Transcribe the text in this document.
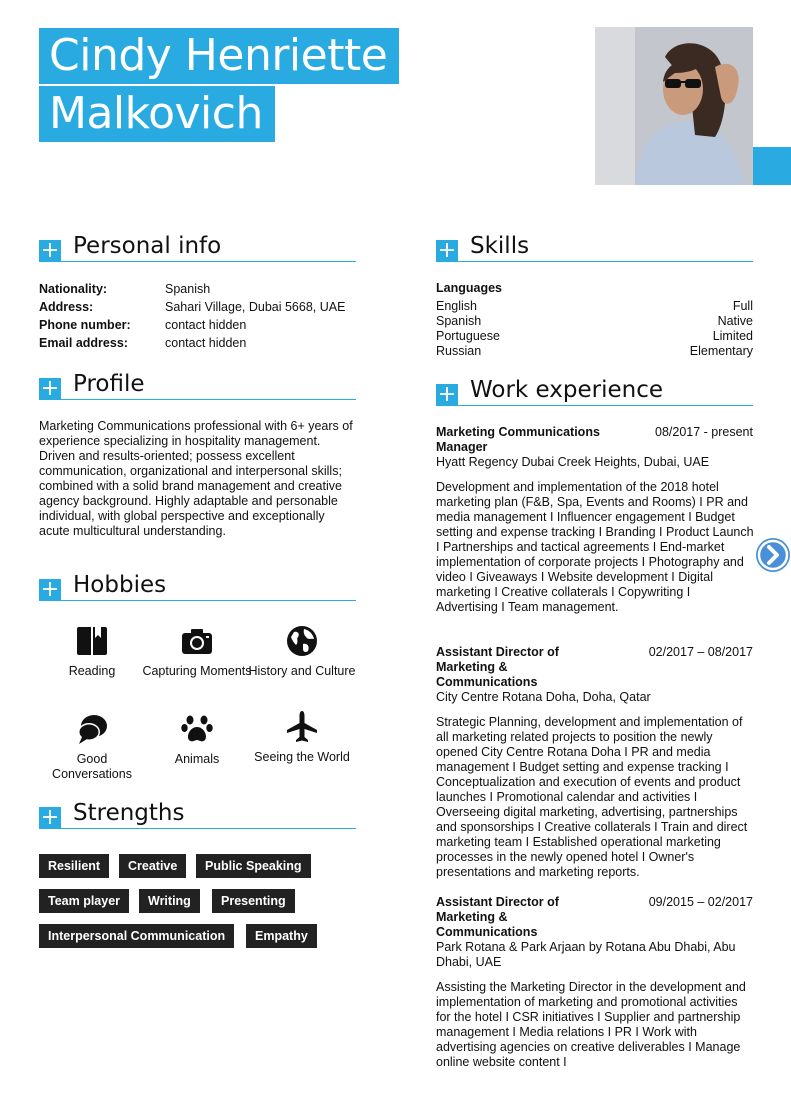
Cindy Henriette
Malkovich
+ Personal info
Nationality:	Spanish
Address:	Sahari Village, Dubai 5668, UAE
Phone number:	contact hidden
Email address:	contact hidden
+ Profile
Marketing Communications professional with 6+ years of experience specializing in hospitality management. Driven and results-oriented; possess excellent communication, organizational and interpersonal skills; combined with a solid brand management and creative agency background. Highly adaptable and personable individual, with global perspective and exceptionally acute multicultural understanding.
+ Hobbies
Reading	Capturing Moments
History and Culture
Good Conversations
Animals	Seeing the World
+ Strengths
Resilient	Creative	Public Speaking
Team player	Writing	Presenting
Interpersonal Communication	Empathy
+ Skills
Languages
English	Full
Spanish	Native
Portuguese	Limited
Russian	Elementary
+ Work experience
Marketing Communications Manager
08/2017 - present
Hyatt Regency Dubai Creek Heights, Dubai, UAE
Development and implementation of the 2018 hotel marketing plan (F&B, Spa, Events and Rooms) I PR and media management I Influencer engagement I Budget setting and expense tracking I Branding I Product Launch I Partnerships and tactical agreements I End-market implementation of corporate projects I Photography and video I Giveaways I Website development I Digital marketing I Creative collaterals I Copywriting I Advertising I Team management.
Assistant Director of Marketing & Communications
02/2017 – 08/2017
City Centre Rotana Doha, Doha, Qatar
Strategic Planning, development and implementation of all marketing related projects to position the newly opened City Centre Rotana Doha I PR and media management I Budget setting and expense tracking I Conceptualization and execution of events and product launches I Promotional calendar and activities I Overseeing digital marketing, advertising, partnerships and sponsorships I Creative collaterals I Train and direct marketing team I Established operational marketing processes in the newly opened hotel I Owner's presentations and marketing reports.
Assistant Director of Marketing & Communications
09/2015 – 02/2017
Park Rotana & Park Arjaan by Rotana Abu Dhabi, Abu Dhabi, UAE
Assisting the Marketing Director in the development and implementation of marketing and promotional activities for the hotel I CSR initiatives I Supplier and partnership management I Media relations I PR I Work with advertising agencies on creative deliverables I Manage online website content I
